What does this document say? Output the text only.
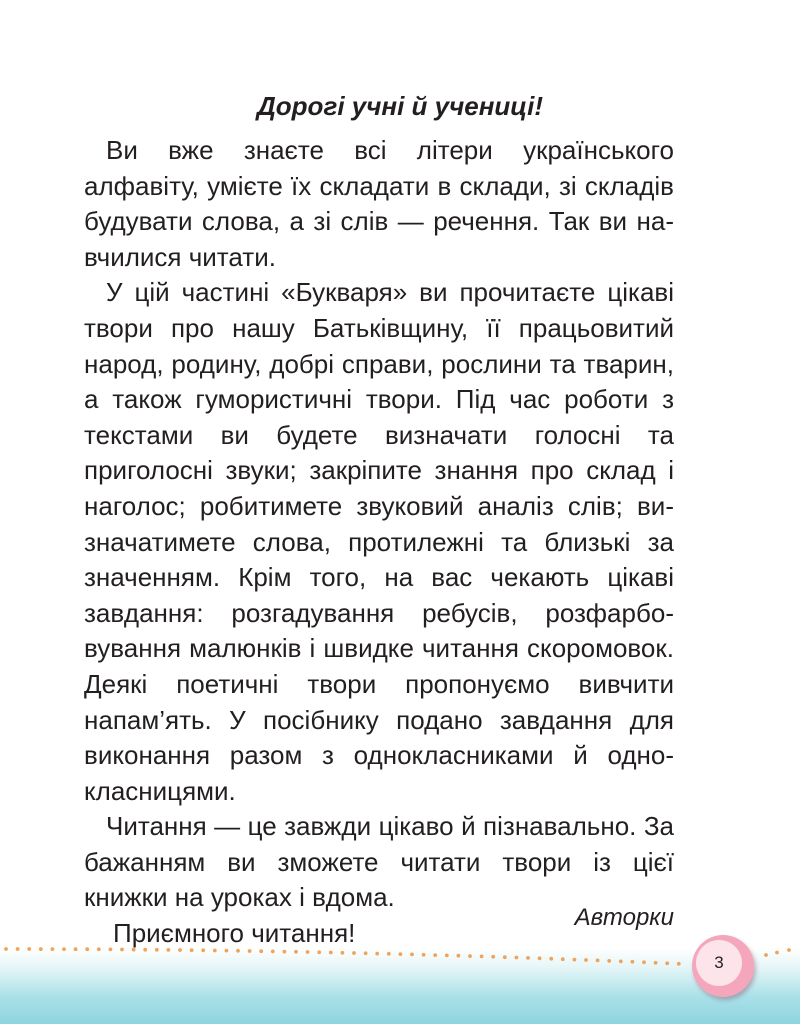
Дорогі учні й учениці!

Ви вже знаєте всі літери українського алфавіту, умієте їх складати в склади, зі складів будувати слова, а зі слів — речення. Так ви навчилися читати.

У цій частині «Букваря» ви прочитаєте цікаві твори про нашу Батьківщину, її працьовитий народ, родину, добрі справи, рослини та тварин, а також гумористичні твори. Під час роботи з текстами ви будете визначати голосні та приголосні звуки; закріпите знання про склад і наголос; робитимете звуковий аналіз слів; визначатимете слова, протилежні та близькі за значенням. Крім того, на вас чекають цікаві завдання: розгадування ребусів, розфарбовування малюнків і швидке читання скоромовок. Деякі поетичні твори пропонуємо вивчити напам’ять. У посібнику подано завдання для виконання разом з однокласниками й однокласницями.

Читання — це завжди цікаво й пізнавально. За бажанням ви зможете читати твори із цієї книжки на уроках і вдома.

Приємного читання!

Авторки

3
